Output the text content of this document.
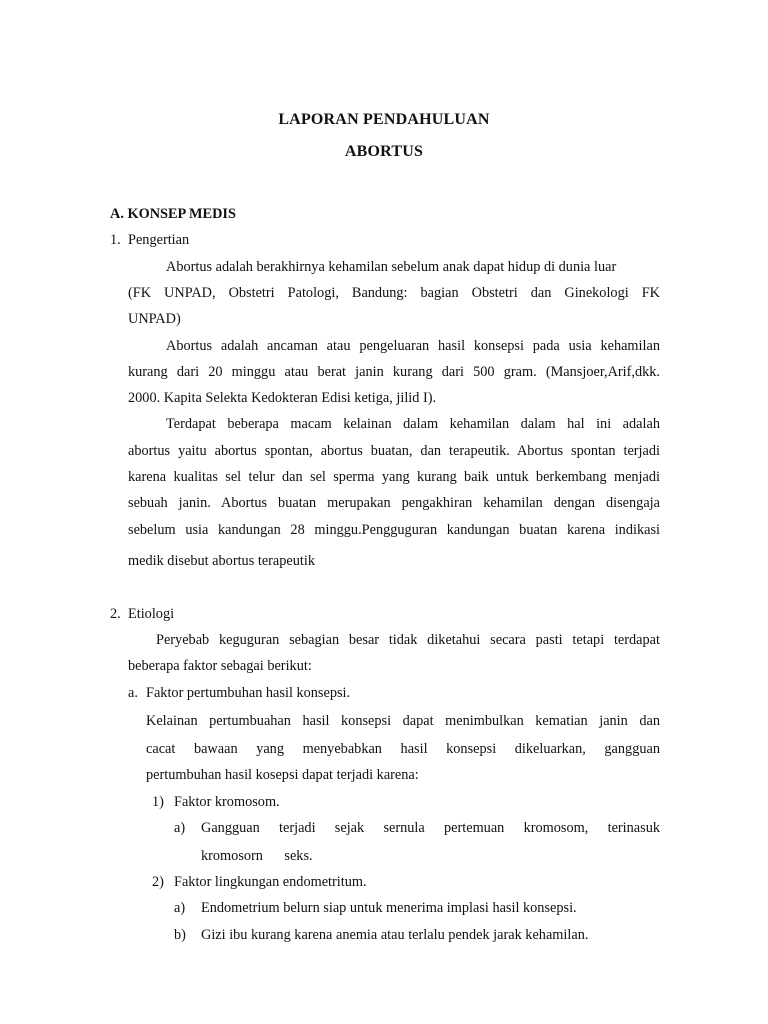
LAPORAN PENDAHULUAN
ABORTUS
A. KONSEP MEDIS
1. Pengertian
Abortus adalah berakhirnya kehamilan sebelum anak dapat hidup di dunia luar
(FK UNPAD, Obstetri Patologi, Bandung: bagian Obstetri dan Ginekologi FK
UNPAD)
Abortus adalah ancaman atau pengeluaran hasil konsepsi pada usia kehamilan
kurang dari 20 minggu atau berat janin kurang dari 500 gram. (Mansjoer,Arif,dkk.
2000. Kapita Selekta Kedokteran Edisi ketiga, jilid I).
Terdapat beberapa macam kelainan dalam kehamilan dalam hal ini adalah
abortus yaitu abortus spontan, abortus buatan, dan terapeutik. Abortus spontan terjadi
karena kualitas sel telur dan sel sperma yang kurang baik untuk berkembang menjadi
sebuah janin. Abortus buatan merupakan pengakhiran kehamilan dengan disengaja
sebelum usia kandungan 28 minggu.Pengguguran kandungan buatan karena indikasi
medik disebut abortus terapeutik
2. Etiologi
Peryebab keguguran sebagian besar tidak diketahui secara pasti tetapi terdapat
beberapa faktor sebagai berikut:
a. Faktor pertumbuhan hasil konsepsi.
Kelainan pertumbuahan hasil konsepsi dapat menimbulkan kematian janin dan
cacat bawaan yang menyebabkan hasil konsepsi dikeluarkan, gangguan
pertumbuhan hasil kosepsi dapat terjadi karena:
1) Faktor kromosom.
a) Gangguan terjadi sejak sernula pertemuan kromosom, terinasuk
kromosorn      seks.
2) Faktor lingkungan endometritum.
a) Endometrium belurn siap untuk menerima implasi hasil konsepsi.
b) Gizi ibu kurang karena anemia atau terlalu pendek jarak kehamilan.
